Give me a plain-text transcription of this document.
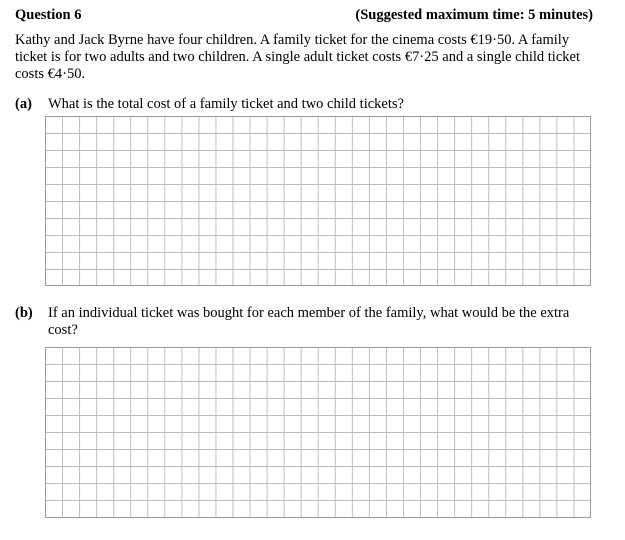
Question 6	(Suggested maximum time: 5 minutes)

Kathy and Jack Byrne have four children. A family ticket for the cinema costs €19·50. A family ticket is for two adults and two children. A single adult ticket costs €7·25 and a single child ticket costs €4·50.

(a) What is the total cost of a family ticket and two child tickets?

(b) If an individual ticket was bought for each member of the family, what would be the extra cost?
